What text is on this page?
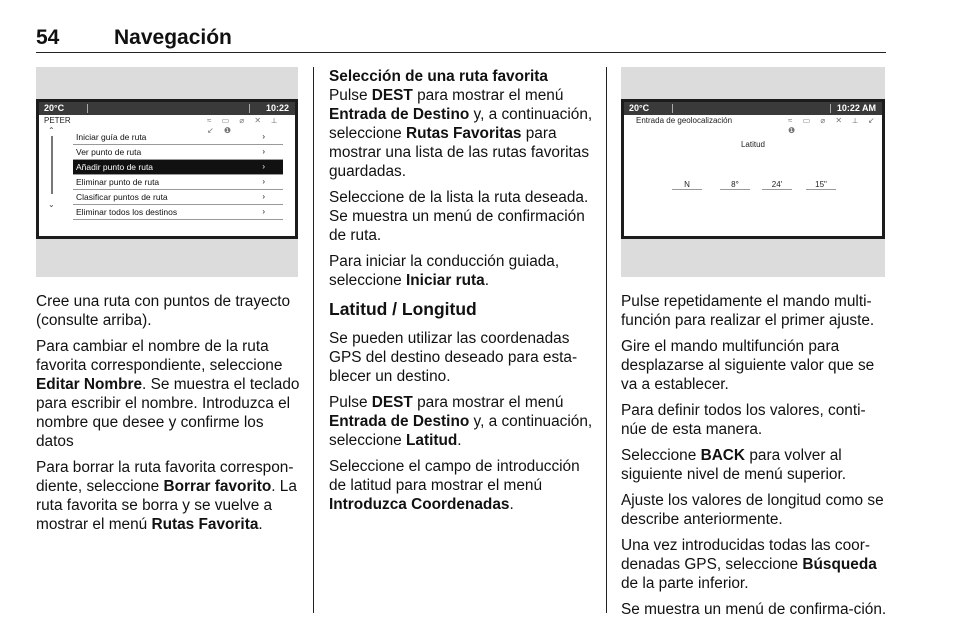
54	Navegación
20°C	10:22
PETER	≈ ▭ ⌀ ✕ ⟂ ↙ ❶
⌃
⌄
Iniciar guía de ruta	›
Ver punto de ruta	›
Añadir punto de ruta	›
Eliminar punto de ruta	›
Clasificar puntos de ruta	›
Eliminar todos los destinos	›
20°C	10:22 AM
Entrada de geolocalización	≈ ▭ ⌀ ✕ ⟂ ↙ ❶
Latitud
N	8°	24'	15"

Cree una ruta con puntos de trayecto (consulte arriba).

Para cambiar el nombre de la ruta favorita correspondiente, seleccione Editar Nombre. Se muestra el teclado para escribir el nombre. Introduzca el nombre que desee y confirme los datos

Para borrar la ruta favorita correspon-diente, seleccione Borrar favorito. La ruta favorita se borra y se vuelve a mostrar el menú Rutas Favorita.

Selección de una ruta favorita

Pulse DEST para mostrar el menú Entrada de Destino y, a continuación, seleccione Rutas Favoritas para mostrar una lista de las rutas favoritas guardadas.

Seleccione de la lista la ruta deseada. Se muestra un menú de confirmación de ruta.

Para iniciar la conducción guiada, seleccione Iniciar ruta.

Latitud / Longitud

Se pueden utilizar las coordenadas GPS del destino deseado para esta-blecer un destino.

Pulse DEST para mostrar el menú Entrada de Destino y, a continuación, seleccione Latitud.

Seleccione el campo de introducción de latitud para mostrar el menú Introduzca Coordenadas.

Pulse repetidamente el mando multi-función para realizar el primer ajuste.

Gire el mando multifunción para desplazarse al siguiente valor que se va a establecer.

Para definir todos los valores, conti-núe de esta manera.

Seleccione BACK para volver al siguiente nivel de menú superior.

Ajuste los valores de longitud como se describe anteriormente.

Una vez introducidas todas las coor-denadas GPS, seleccione Búsqueda de la parte inferior.

Se muestra un menú de confirma-ción.
